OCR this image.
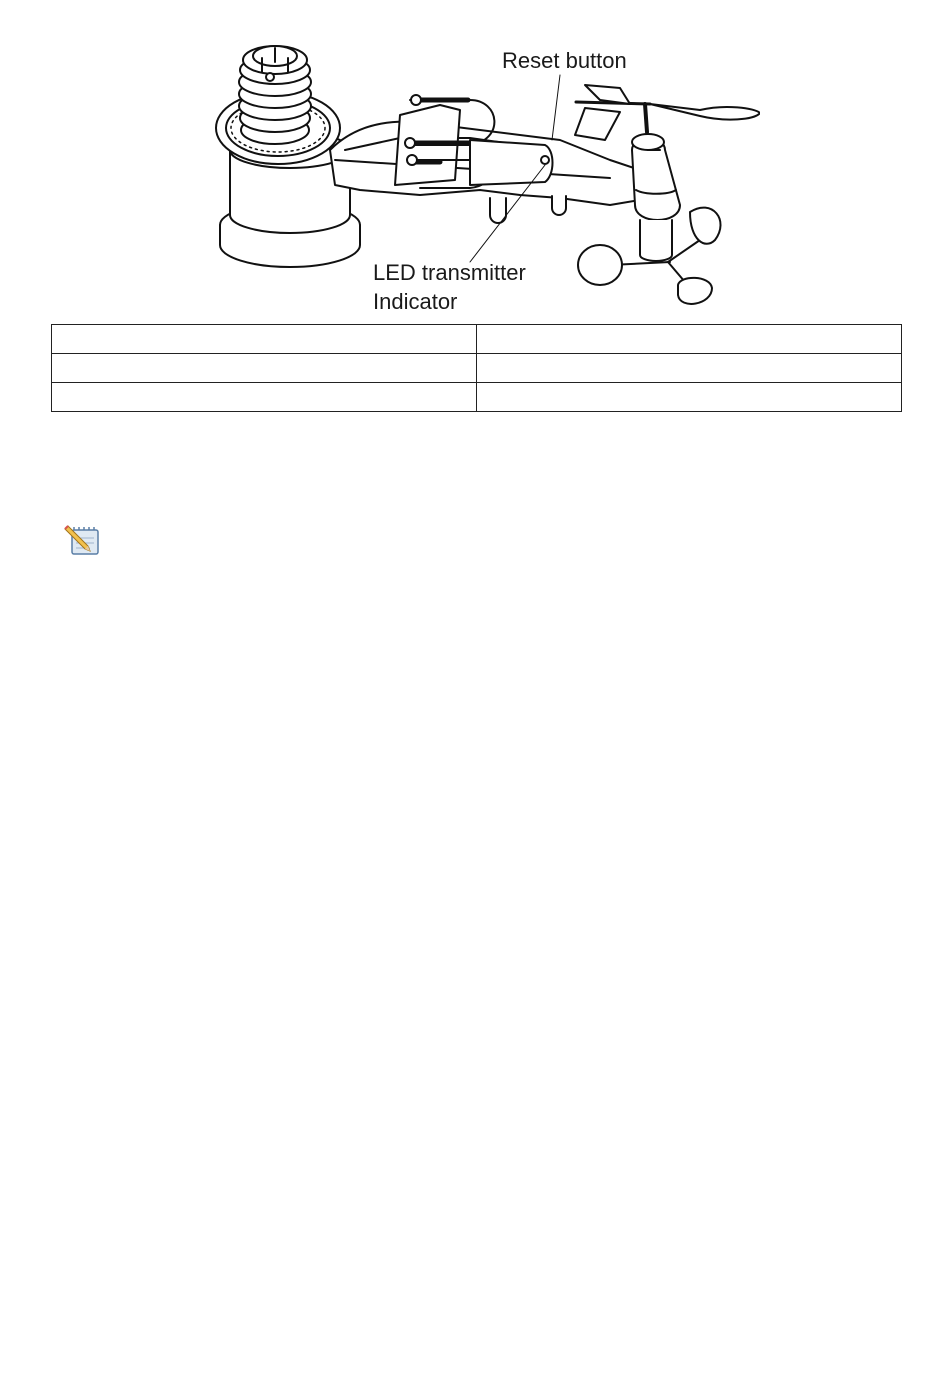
Reset button
LED transmitter
Indicator
